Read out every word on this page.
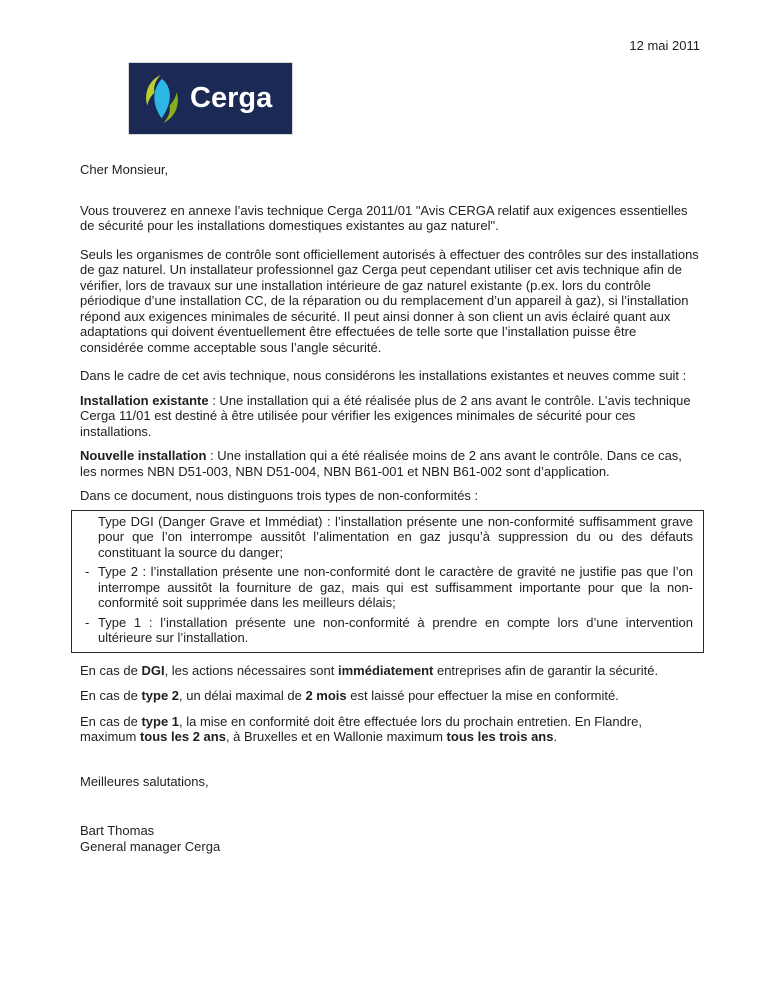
12 mai 2011
Cerga

Cher Monsieur,

Vous trouverez en annexe l’avis technique Cerga 2011/01 "Avis CERGA relatif aux exigences essentielles de sécurité pour les installations domestiques existantes au gaz naturel".

Seuls les organismes de contrôle sont officiellement autorisés à effectuer des contrôles sur des installations de gaz naturel. Un installateur professionnel gaz Cerga peut cependant utiliser cet avis technique afin de vérifier, lors de travaux sur une installation intérieure de gaz naturel existante (p.ex. lors du contrôle périodique d’une installation CC, de la réparation ou du remplacement d’un appareil à gaz), si l’installation répond aux exigences minimales de sécurité. Il peut ainsi donner à son client un avis éclairé quant aux adaptations qui doivent éventuellement être effectuées de telle sorte que l’installation puisse être considérée comme acceptable sous l’angle sécurité.

Dans le cadre de cet avis technique, nous considérons les installations existantes et neuves comme suit :

Installation existante : Une installation qui a été réalisée plus de 2 ans avant le contrôle. L’avis technique Cerga 11/01 est destiné à être utilisée pour vérifier les exigences minimales de sécurité pour ces installations.

Nouvelle installation : Une installation qui a été réalisée moins de 2 ans avant le contrôle. Dans ce cas, les normes NBN D51-003, NBN D51-004, NBN B61-001 et NBN B61-002 sont d’application.

Dans ce document, nous distinguons trois types de non-conformités :

Type DGI (Danger Grave et Immédiat) : l’installation présente une non-conformité suffisamment grave pour que l’on interrompe aussitôt l’alimentation en gaz jusqu’à suppression du ou des défauts constituant la source du danger;
- Type 2 : l’installation présente une non-conformité dont le caractère de gravité ne justifie pas que l’on interrompe aussitôt la fourniture de gaz, mais qui est suffisamment importante pour que la non-conformité soit supprimée dans les meilleurs délais;
- Type 1 : l’installation présente une non-conformité à prendre en compte lors d’une intervention ultérieure sur l’installation.

En cas de DGI, les actions nécessaires sont immédiatement entreprises afin de garantir la sécurité.

En cas de type 2, un délai maximal de 2 mois est laissé pour effectuer la mise en conformité.

En cas de type 1, la mise en conformité doit être effectuée lors du prochain entretien. En Flandre, maximum tous les 2 ans, à Bruxelles et en Wallonie maximum tous les trois ans.

Meilleures salutations,

Bart Thomas
General manager Cerga
